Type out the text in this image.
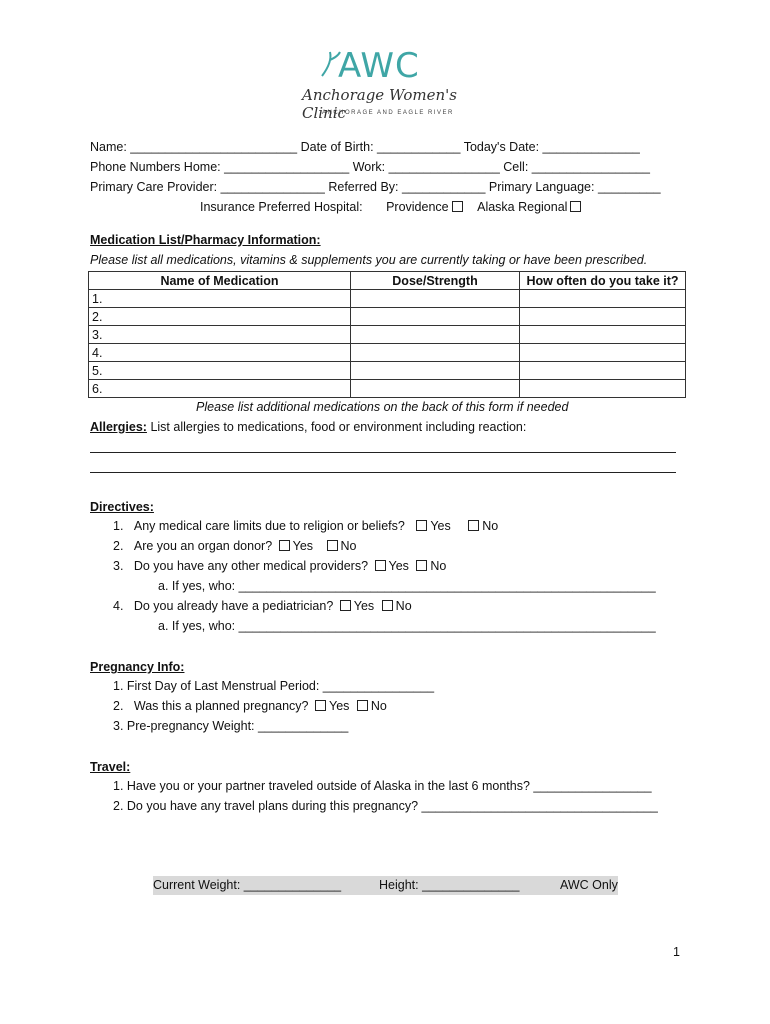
AWC
Anchorage Women's Clinic
ANCHORAGE AND EAGLE RIVER
Name: ________________________ Date of Birth: ____________ Today's Date: ______________
Phone Numbers Home: __________________ Work: ________________ Cell: _________________
Primary Care Provider: _______________ Referred By: ____________ Primary Language: _________
Insurance Preferred Hospital: Providence Alaska Regional
Medication List/Pharmacy Information:
Please list all medications, vitamins & supplements you are currently taking or have been prescribed.
Name of Medication	Dose/Strength	How often do you take it?
1.		
2.		
3.		
4.		
5.		
6.		
Please list additional medications on the back of this form if needed
Allergies: List allergies to medications, food or environment including reaction:
Directives:
1. Any medical care limits due to religion or beliefs? Yes	No
2. Are you an organ donor? Yes No
3. Do you have any other medical providers? Yes No
a. If yes, who: ____________________________________________________________
4. Do you already have a pediatrician? Yes No
a. If yes, who: ____________________________________________________________
Pregnancy Info:
1. First Day of Last Menstrual Period: ________________
2. Was this a planned pregnancy? Yes No
3. Pre-pregnancy Weight: _____________
Travel:
1. Have you or your partner traveled outside of Alaska in the last 6 months? _________________
2. Do you have any travel plans during this pregnancy? __________________________________
Current Weight: ______________	Height: ______________	AWC Only
1
